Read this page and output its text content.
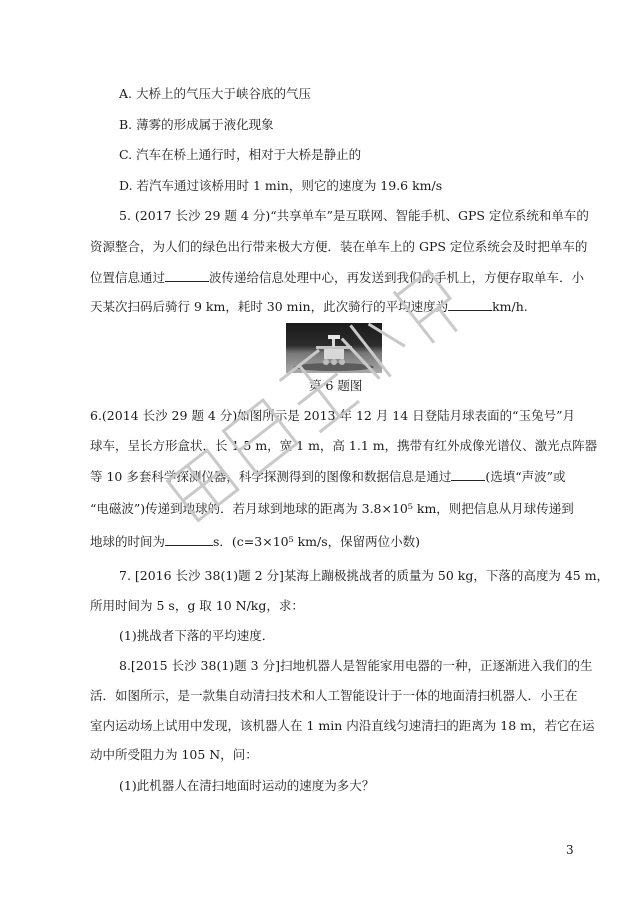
A. 大桥上的气压大于峡谷底的气压
B. 薄雾的形成属于液化现象
C. 汽车在桥上通行时，相对于大桥是静止的
D. 若汽车通过该桥用时 1 min，则它的速度为 19.6 km/s
5. (2017 长沙 29 题 4 分)“共享单车”是互联网、智能手机、GPS 定位系统和单车的
资源整合，为人们的绿色出行带来极大方便．装在单车上的 GPS 定位系统会及时把单车的
位置信息通过	波传递给信息处理中心，再发送到我们的手机上，方便存取单车．小
天某次扫码后骑行 9 km，耗时 30 min，此次骑行的平均速度为	km/h.
第 6 题图
6.(2014 长沙 29 题 4 分)如图所示是 2013 年 12 月 14 日登陆月球表面的“玉兔号”月
球车，呈长方形盒状，长 1.5 m，宽 1 m，高 1.1 m，携带有红外成像光谱仪、激光点阵器
等 10 多套科学探测仪器，科学探测得到的图像和数据信息是通过	(选填“声波”或
“电磁波”)传递到地球的．若月球到地球的距离为 3.8×10⁵ km，则把信息从月球传递到
地球的时间为	s．(c=3×10⁵ km/s，保留两位小数)
7. [2016 长沙 38(1)题 2 分]某海上蹦极挑战者的质量为 50 kg，下落的高度为 45 m，
所用时间为 5 s，g 取 10 N/kg，求：
(1)挑战者下落的平均速度．
8.[2015 长沙 38(1)题 3 分]扫地机器人是智能家用电器的一种，正逐渐进入我们的生
活．如图所示，是一款集自动清扫技术和人工智能设计于一体的地面清扫机器人．小王在
室内运动场上试用中发现，该机器人在 1 min 内沿直线匀速清扫的距离为 18 m，若它在运
动中所受阻力为 105 N，问：
(1)此机器人在清扫地面时运动的速度为多大？
3
